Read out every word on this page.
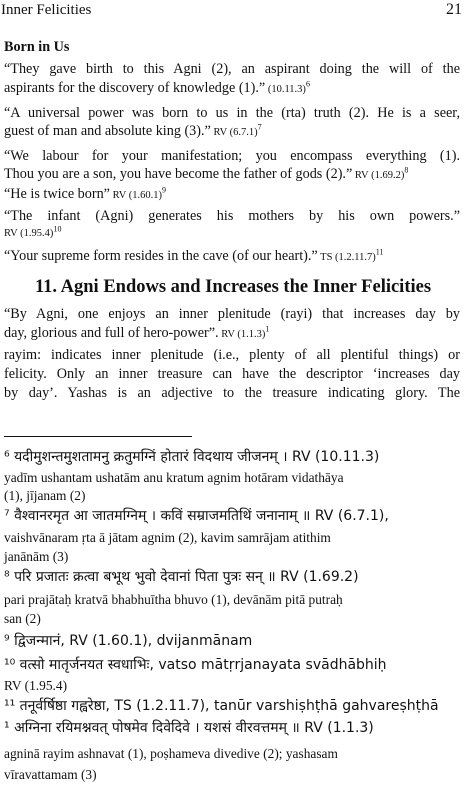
Inner Felicities	21
Born in Us
“They gave birth to this Agni (2), an aspirant doing the will of the
aspirants for the discovery of knowledge (1).” $(10.11.3)^6$
“A universal power was born to us in the (rta) truth (2). He is a seer,
guest of man and absolute king (3).” RV $(6.7.1)^7$
“We labour for your manifestation; you encompass everything (1).
Thou you are a son, you have become the father of gods (2).” RV $(1.69.2)^8$
“He is twice born” RV $(1.60.1)^9$
“The infant (Agni) generates his mothers by his own powers.”
RV $(1.95.4)^{10}$
“Your supreme form resides in the cave (of our heart).” TS $(1.2.11.7)^{11}$
11. Agni Endows and Increases the Inner Felicities
“By Agni, one enjoys an inner plenitude (rayi) that increases day by
day, glorious and full of hero-power”. RV $(1.1.3)^1$
rayim: indicates inner plenitude (i.e., plenty of all plentiful things) or
felicity. Only an inner treasure can have the descriptor ‘increases day
by day’. Yashas is an adjective to the treasure indicating glory. The
⁶ यदीमुशन्तमुशतामनु क्रतुमग्निं होतारं विदथाय जीजनम् । RV (10.11.3)
yadīm ushantam ushatām anu kratum agnim hotāram vidathāya
(1), jījanam (2)
⁷ वैश्वानरमृत आ जातमग्निम् । कविं सम्राजमतिथिं जनानाम् ॥ RV (6.7.1),
vaishvānaram ṛta ā jātam agnim (2), kavim samrājam atithim
janānām (3)
⁸ परि प्रजातः क्रत्वा बभूथ भुवो देवानां पिता पुत्रः सन् ॥ RV (1.69.2)
pari prajātaḥ kratvā bhabhuītha bhuvo (1), devānām pitā putraḥ
san (2)
⁹ द्विजन्मानं, RV (1.60.1), dvijanmānam
¹⁰ वत्सो मातृर्जनयत स्वधाभिः, vatso mātṛrjanayata svādhābhiḥ
RV (1.95.4)
¹¹ तनूर्वर्षिष्ठा गह्वरेष्ठा, TS (1.2.11.7), tanūr varshiṣhṭhā gahvareṣhṭhā
¹ अग्निना रयिमश्नवत् पोषमेव दिवेदिवे । यशसं वीरवत्तमम् ॥ RV (1.1.3)
agninā rayim ashnavat (1), poṣhameva divedive (2); yashasam
vīravattamam (3)
